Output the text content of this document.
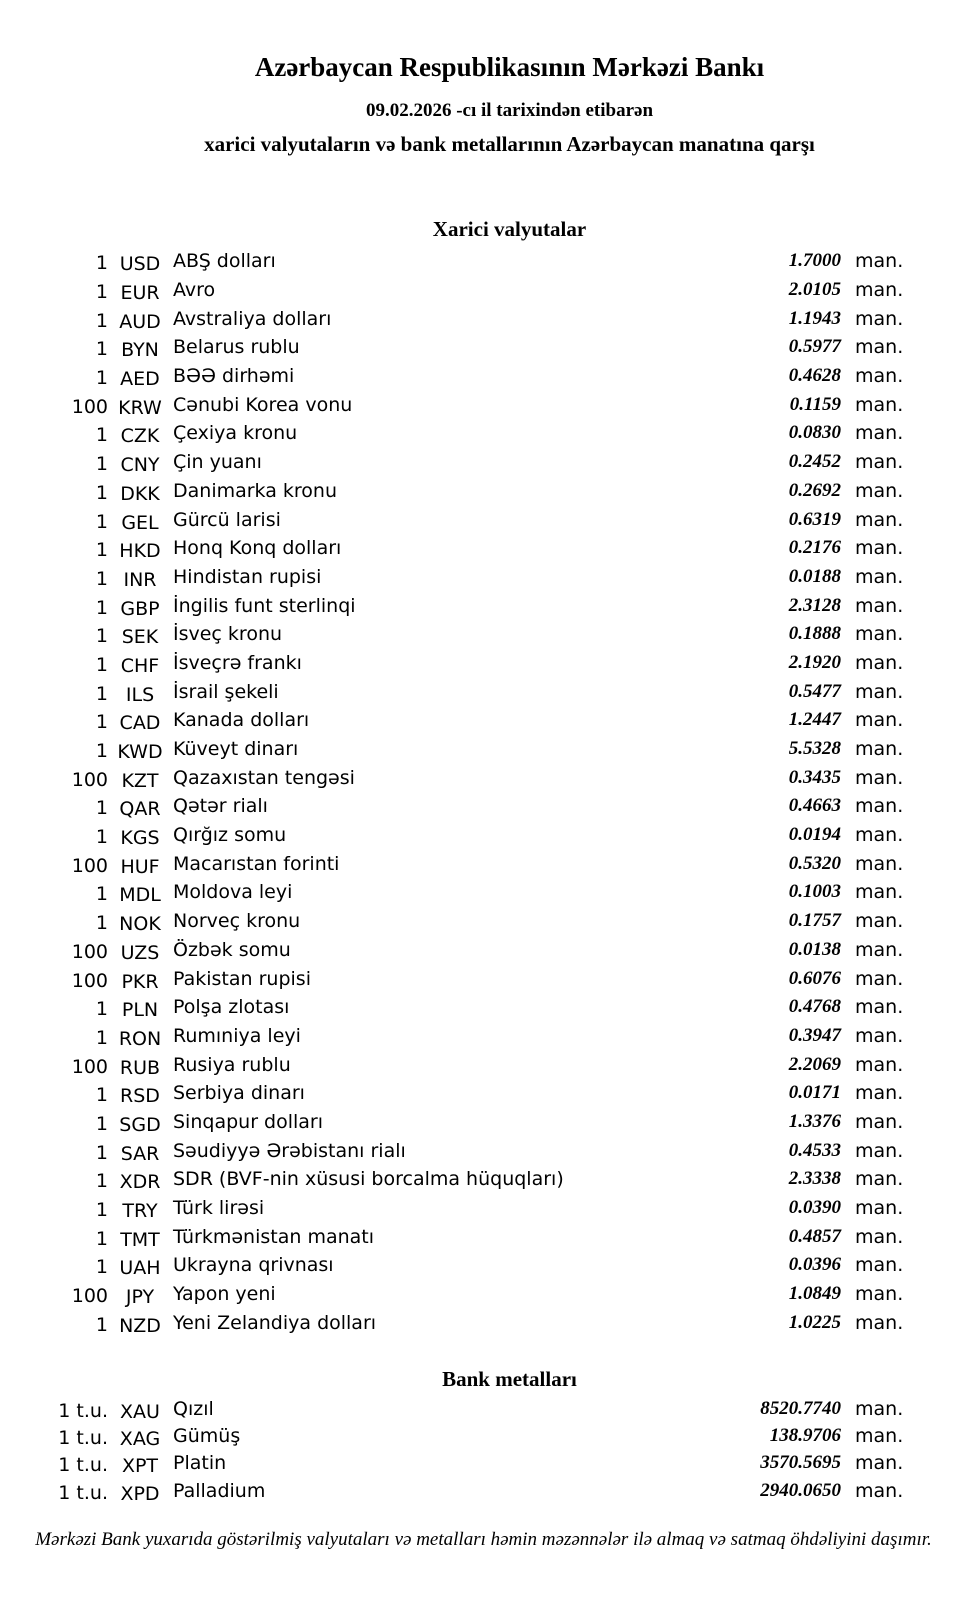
Azərbaycan Respublikasının Mərkəzi Bankı
09.02.2026 -cı il tarixindən etibarən
xarici valyutaların və bank metallarının Azərbaycan manatına qarşı
Xarici valyutalar
1 USD ABŞ dolları	1.7000 man.
1 EUR Avro	2.0105 man.
1 AUD Avstraliya dolları	1.1943 man.
1 BYN Belarus rublu	0.5977 man.
1 AED BƏƏ dirhəmi	0.4628 man.
100 KRW Cənubi Korea vonu	0.1159 man.
1 CZK Çexiya kronu	0.0830 man.
1 CNY Çin yuanı	0.2452 man.
1 DKK Danimarka kronu	0.2692 man.
1 GEL Gürcü larisi	0.6319 man.
1 HKD Honq Konq dolları	0.2176 man.
1 INR Hindistan rupisi	0.0188 man.
1 GBP İngilis funt sterlinqi	2.3128 man.
1 SEK İsveç kronu	0.1888 man.
1 CHF İsveçrə frankı	2.1920 man.
1 ILS İsrail şekeli	0.5477 man.
1 CAD Kanada dolları	1.2447 man.
1 KWD Küveyt dinarı	5.5328 man.
100 KZT Qazaxıstan tengəsi	0.3435 man.
1 QAR Qətər rialı	0.4663 man.
1 KGS Qırğız somu	0.0194 man.
100 HUF Macarıstan forinti	0.5320 man.
1 MDL Moldova leyi	0.1003 man.
1 NOK Norveç kronu	0.1757 man.
100 UZS Özbək somu	0.0138 man.
100 PKR Pakistan rupisi	0.6076 man.
1 PLN Polşa zlotası	0.4768 man.
1 RON Rumıniya leyi	0.3947 man.
100 RUB Rusiya rublu	2.2069 man.
1 RSD Serbiya dinarı	0.0171 man.
1 SGD Sinqapur dolları	1.3376 man.
1 SAR Səudiyyə Ərəbistanı rialı	0.4533 man.
1 XDR SDR (BVF-nin xüsusi borcalma hüquqları)	2.3338 man.
1 TRY Türk lirəsi	0.0390 man.
1 TMT Türkmənistan manatı	0.4857 man.
1 UAH Ukrayna qrivnası	0.0396 man.
100 JPY Yapon yeni	1.0849 man.
1 NZD Yeni Zelandiya dolları	1.0225 man.
Bank metalları
1 t.u. XAU Qızıl	8520.7740 man.
1 t.u. XAG Gümüş	138.9706 man.
1 t.u. XPT Platin	3570.5695 man.
1 t.u. XPD Palladium	2940.0650 man.
Mərkəzi Bank yuxarıda göstərilmiş valyutaları və metalları həmin məzənnələr ilə almaq və satmaq öhdəliyini daşımır.
